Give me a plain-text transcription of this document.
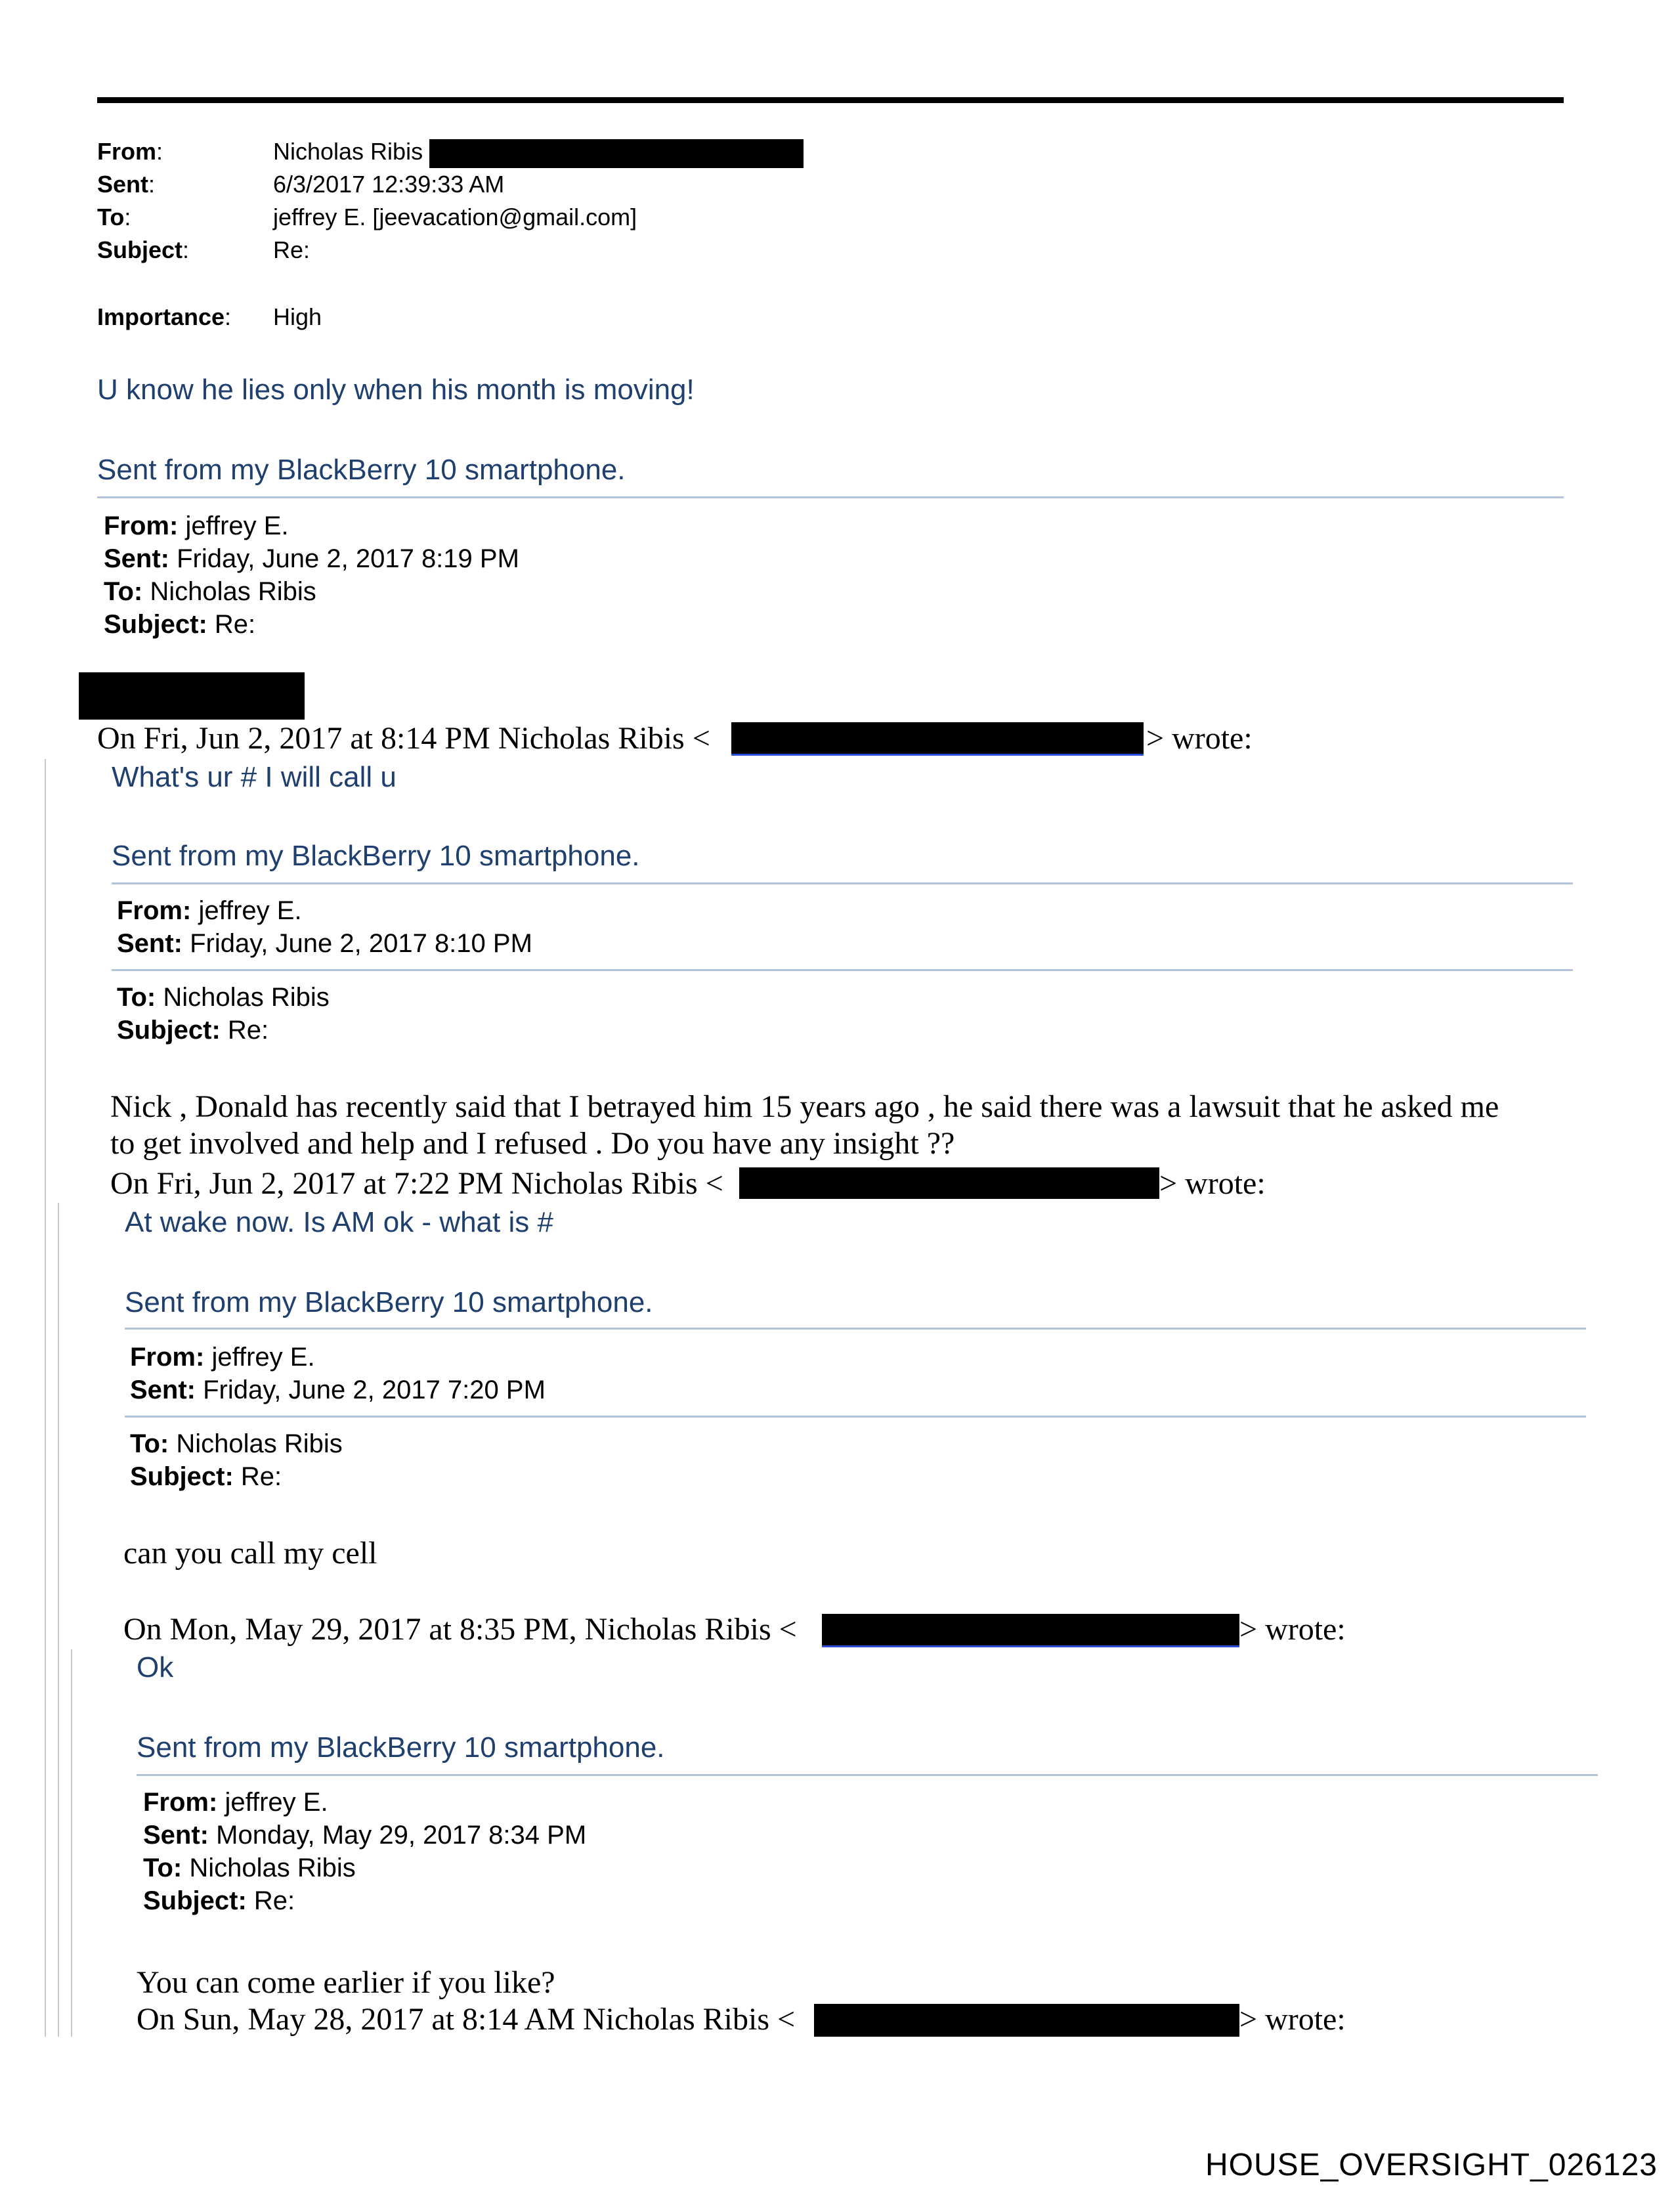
From:	Nicholas Ribis
Sent:	6/3/2017 12:39:33 AM
To:	jeffrey E. [jeevacation@gmail.com]
Subject:	Re:
Importance: High
U know he lies only when his month is moving!
Sent from my BlackBerry 10 smartphone.
From: jeffrey E.
Sent: Friday, June 2, 2017 8:19 PM
To: Nicholas Ribis
Subject: Re:
On Fri, Jun 2, 2017 at 8:14 PM Nicholas Ribis <	> wrote:
What's ur # I will call u
Sent from my BlackBerry 10 smartphone.
From: jeffrey E.
Sent: Friday, June 2, 2017 8:10 PM
To: Nicholas Ribis
Subject: Re:
Nick , Donald has recently said that I betrayed him 15 years ago , he said there was a lawsuit that he asked me
to get involved and help and I refused . Do you have any insight ??
On Fri, Jun 2, 2017 at 7:22 PM Nicholas Ribis <	> wrote:
At wake now. Is AM ok - what is #
Sent from my BlackBerry 10 smartphone.
From: jeffrey E.
Sent: Friday, June 2, 2017 7:20 PM
To: Nicholas Ribis
Subject: Re:
can you call my cell
On Mon, May 29, 2017 at 8:35 PM, Nicholas Ribis <	> wrote:
Ok
Sent from my BlackBerry 10 smartphone.
From: jeffrey E.
Sent: Monday, May 29, 2017 8:34 PM
To: Nicholas Ribis
Subject: Re:
You can come earlier if you like?
On Sun, May 28, 2017 at 8:14 AM Nicholas Ribis <	> wrote:
HOUSE_OVERSIGHT_026123
